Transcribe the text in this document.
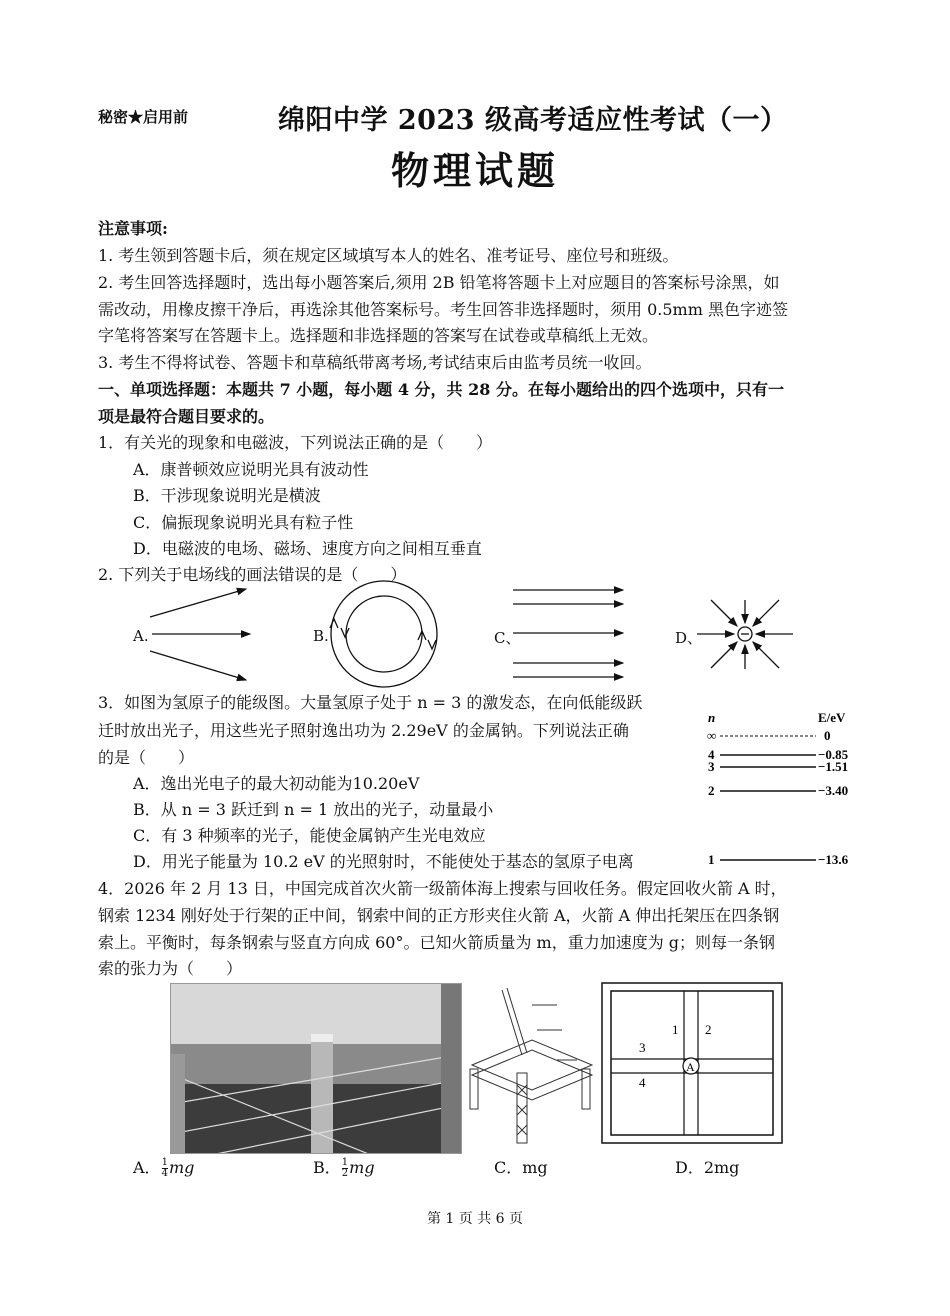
秘密★启用前	绵阳中学 2023 级高考适应性考试（一）
物理试题
注意事项:
1. 考生领到答题卡后，须在规定区域填写本人的姓名、准考证号、座位号和班级。
2. 考生回答选择题时，选出每小题答案后,须用 2B 铅笔将答题卡上对应题目的答案标号涂黑，如
需改动，用橡皮擦干净后，再选涂其他答案标号。考生回答非选择题时，须用 0.5mm 黑色字迹签
字笔将答案写在答题卡上。选择题和非选择题的答案写在试卷或草稿纸上无效。
3. 考生不得将试卷、答题卡和草稿纸带离考场,考试结束后由监考员统一收回。
一、单项选择题：本题共 7 小题，每小题 4 分，共 28 分。在每小题给出的四个选项中，只有一
项是最符合题目要求的。
1．有关光的现象和电磁波，下列说法正确的是（　　）
A．康普顿效应说明光具有波动性
B．干涉现象说明光是横波
C．偏振现象说明光具有粒子性
D．电磁波的电场、磁场、速度方向之间相互垂直
2. 下列关于电场线的画法错误的是（　　）
A.	B.	C、	D、
3．如图为氢原子的能级图。大量氢原子处于 n = 3 的激发态，在向低能级跃
迁时放出光子，用这些光子照射逸出功为 2.29eV 的金属钠。下列说法正确
的是（　　）
A．逸出光电子的最大初动能为10.20eV
B．从 n = 3 跃迁到 n = 1 放出的光子，动量最小
C．有 3 种频率的光子，能使金属钠产生光电效应
D．用光子能量为 10.2 eV 的光照射时，不能使处于基态的氢原子电离
n	E/eV
∞	0
4	−0.85
3	−1.51
2	−3.40
1	−13.6
4．2026 年 2 月 13 日，中国完成首次火箭一级箭体海上搜索与回收任务。假定回收火箭 A 时，
钢索 1234 刚好处于行架的正中间，钢索中间的正方形夹住火箭 A，火箭 A 伸出托架压在四条钢
索上。平衡时，每条钢索与竖直方向成 60°。已知火箭质量为 m，重力加速度为 g；则每一条钢
索的张力为（　　）
1 2
3
4
A
A． $\frac{1}{4}$ mg	B． $\frac{1}{2}$ mg	C．mg	D．2mg
第 1 页 共 6 页
